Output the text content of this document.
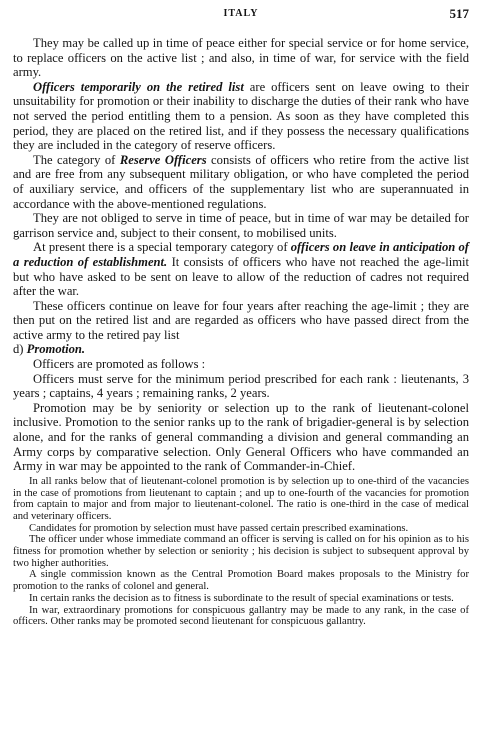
ITALY	517

They may be called up in time of peace either for special service or for home service, to replace officers on the active list ; and also, in time of war, for service with the field army.

Officers temporarily on the retired list are officers sent on leave owing to their unsuitability for promotion or their inability to discharge the duties of their rank who have not served the period entitling them to a pension. As soon as they have completed this period, they are placed on the retired list, and if they possess the necessary qualifications they are included in the category of reserve officers.

The category of Reserve Officers consists of officers who retire from the active list and are free from any subsequent military obligation, or who have completed the period of auxiliary service, and officers of the supplementary list who are superannuated in accordance with the above-mentioned regulations.

They are not obliged to serve in time of peace, but in time of war may be detailed for garrison service and, subject to their consent, to mobilised units.

At present there is a special temporary category of officers on leave in anticipation of a reduction of establishment. It consists of officers who have not reached the age-limit but who have asked to be sent on leave to allow of the reduction of cadres not required after the war.

These officers continue on leave for four years after reaching the age-limit ; they are then put on the retired list and are regarded as officers who have passed direct from the active army to the retired pay list

d) Promotion.

Officers are promoted as follows :

Officers must serve for the minimum period prescribed for each rank : lieutenants, 3 years ; captains, 4 years ; remaining ranks, 2 years.

Promotion may be by seniority or selection up to the rank of lieutenant-colonel inclusive. Promotion to the senior ranks up to the rank of brigadier-general is by selection alone, and for the ranks of general commanding a division and general commanding an Army corps by comparative selection. Only General Officers who have commanded an Army in war may be appointed to the rank of Commander-in-Chief.

In all ranks below that of lieutenant-colonel promotion is by selection up to one-third of the vacancies in the case of promotions from lieutenant to captain ; and up to one-fourth of the vacancies for promotion from captain to major and from major to lieutenant-colonel. The ratio is one-third in the case of medical and veterinary officers.

Candidates for promotion by selection must have passed certain prescribed examinations.

The officer under whose immediate command an officer is serving is called on for his opinion as to his fitness for promotion whether by selection or seniority ; his decision is subject to subsequent approval by two higher authorities.

A single commission known as the Central Promotion Board makes proposals to the Ministry for promotion to the ranks of colonel and general.

In certain ranks the decision as to fitness is subordinate to the result of special examinations or tests.

In war, extraordinary promotions for conspicuous gallantry may be made to any rank, in the case of officers. Other ranks may be promoted second lieutenant for conspicuous gallantry.
